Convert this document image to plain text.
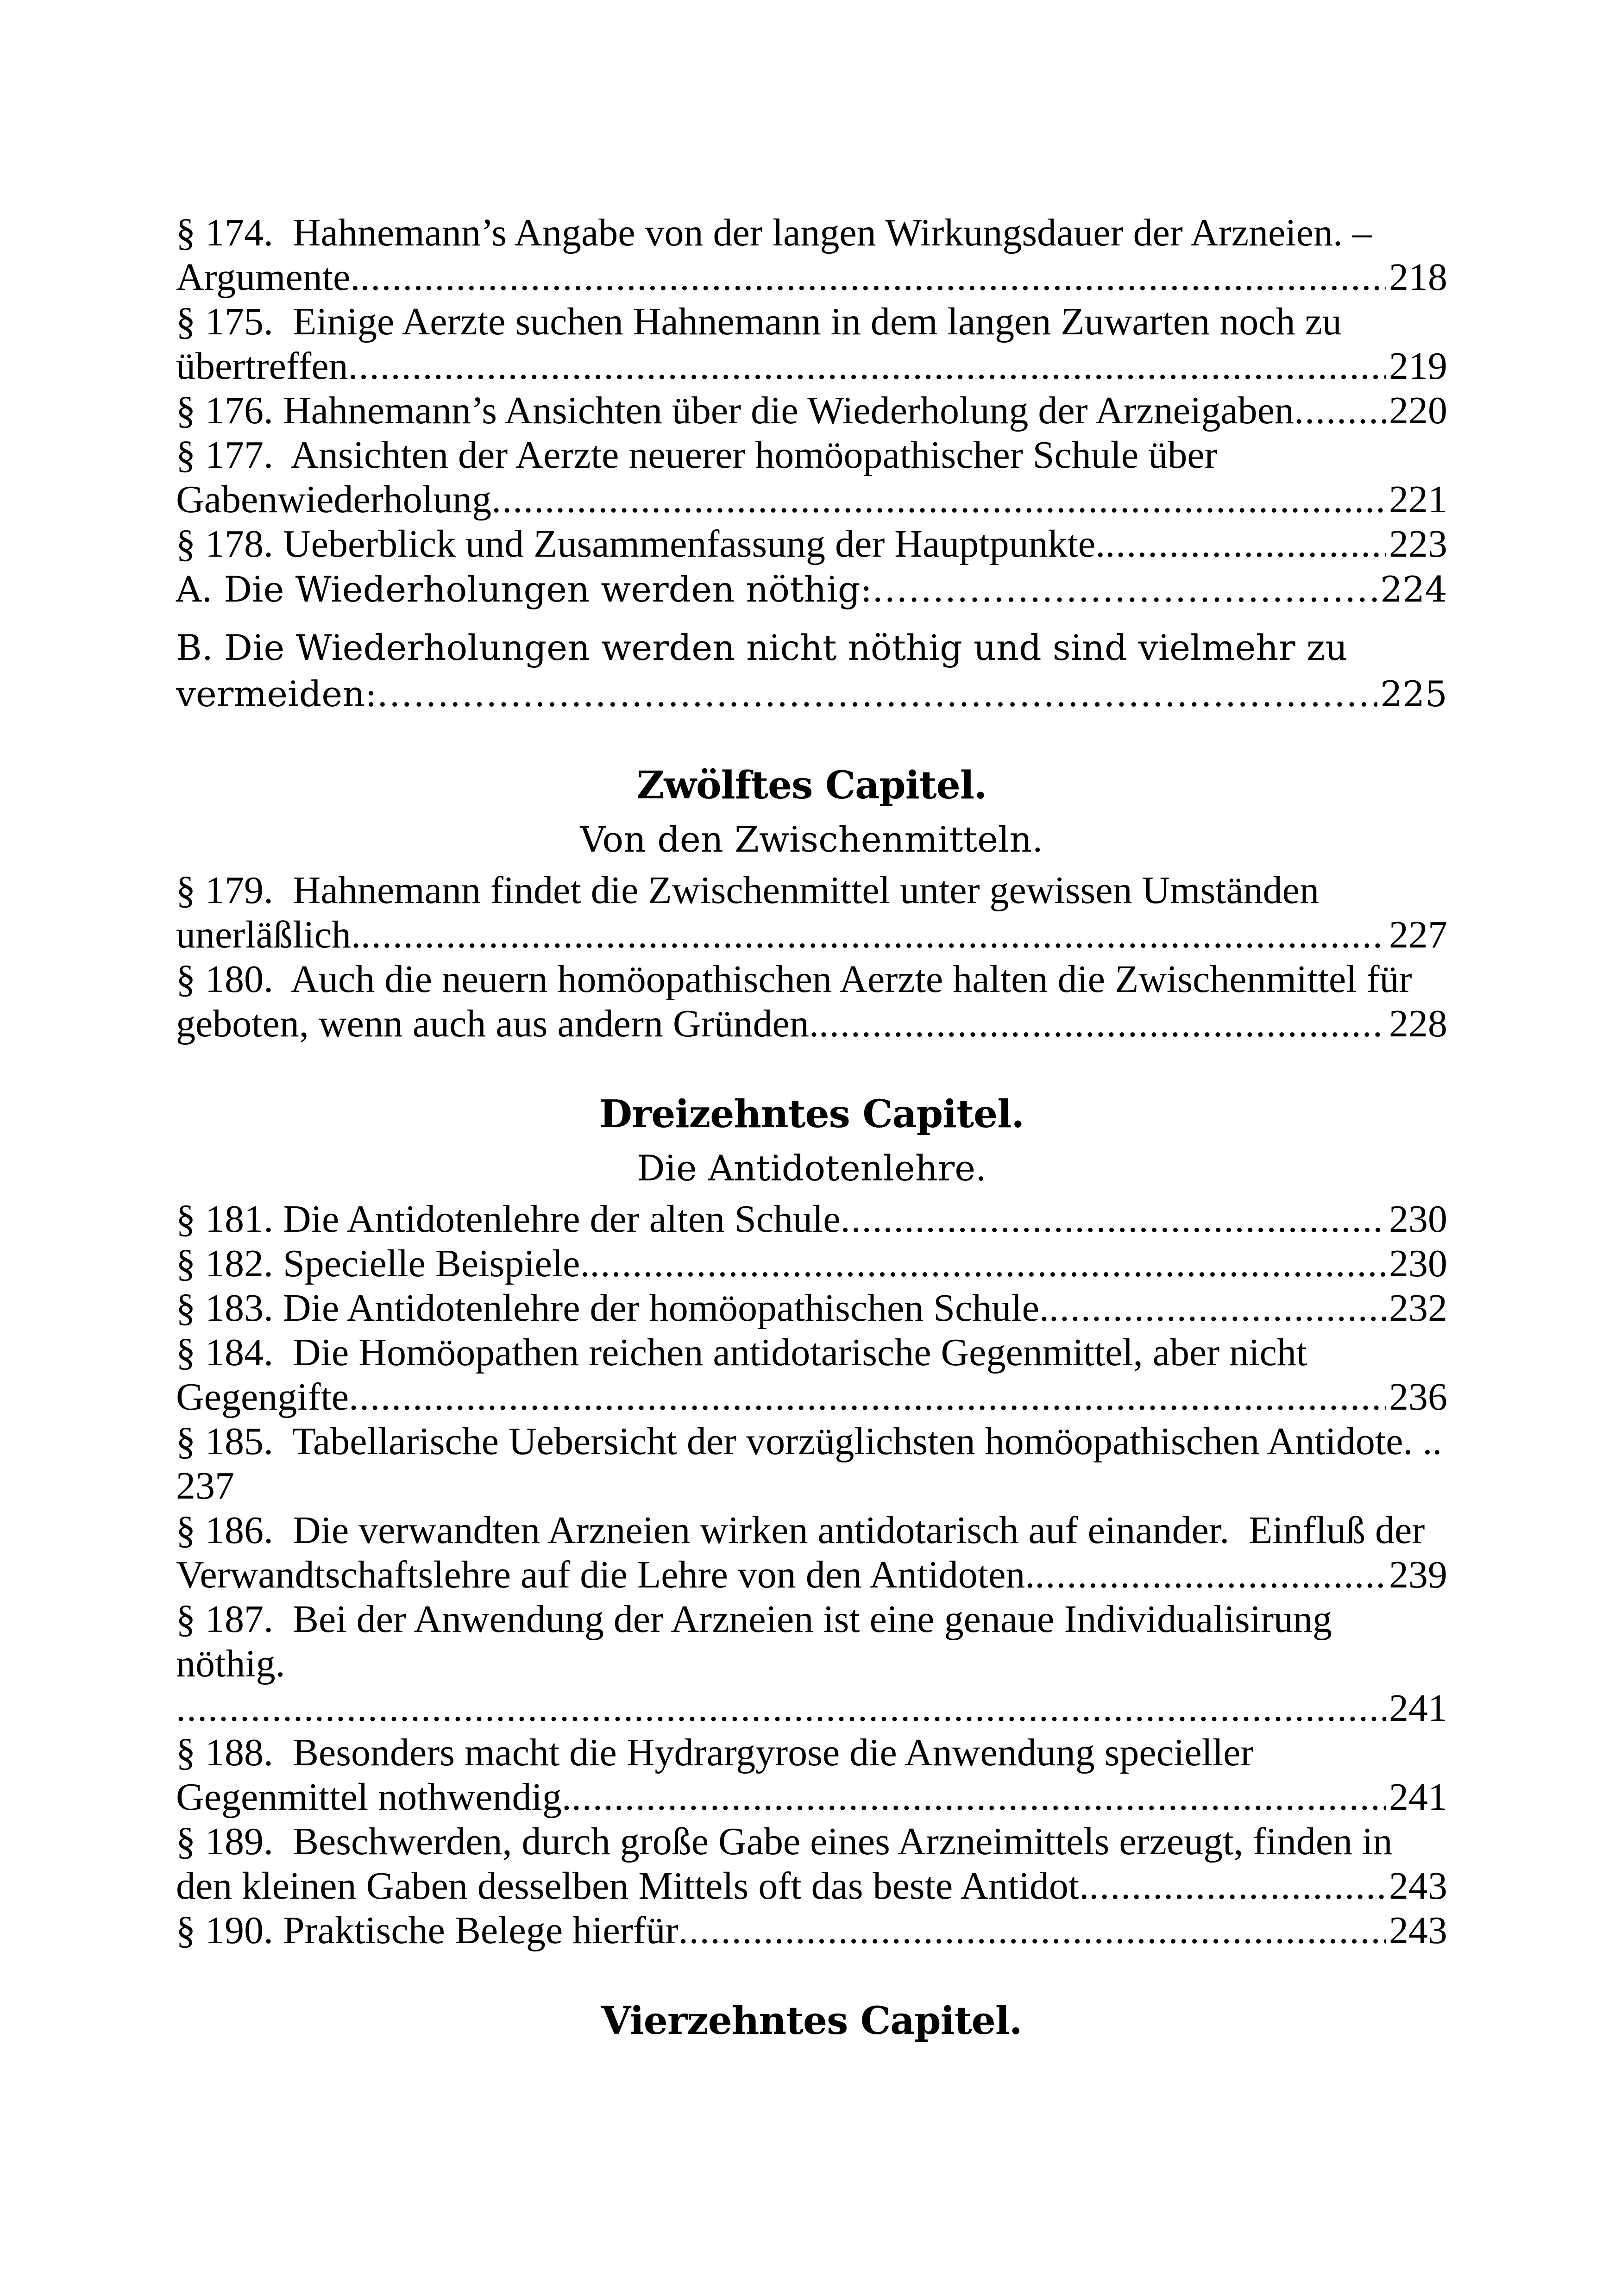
§ 174.  Hahnemann’s Angabe von der langen Wirkungsdauer der Arzneien. –
Argumente. .....	218
§ 175.  Einige Aerzte suchen Hahnemann in dem langen Zuwarten noch zu
übertreffen .....	219
§ 176. Hahnemann’s Ansichten über die Wiederholung der Arzneigaben ..... 220
§ 177.  Ansichten der Aerzte neuerer homöopathischer Schule über
Gabenwiederholung .....	221
§ 178. Ueberblick und Zusammenfassung der Hauptpunkte. .....	223
A. Die Wiederholungen werden nöthig: .....	224
B. Die Wiederholungen werden nicht nöthig und sind vielmehr zu
vermeiden: .....	225
Zwölftes Capitel.
Von den Zwischenmitteln.
§ 179.  Hahnemann findet die Zwischenmittel unter gewissen Umständen
unerläßlich. .....	227
§ 180.  Auch die neuern homöopathischen Aerzte halten die Zwischenmittel für
geboten, wenn auch aus andern Gründen. .....	228
Dreizehntes Capitel.
Die Antidotenlehre.
§ 181. Die Antidotenlehre der alten Schule .....	230
§ 182. Specielle Beispiele. .....	230
§ 183. Die Antidotenlehre der homöopathischen Schule. .....	232
§ 184.  Die Homöopathen reichen antidotarische Gegenmittel, aber nicht
Gegengifte .....	236
§ 185.  Tabellarische Uebersicht der vorzüglichsten homöopathischen Antidote. ..
237
§ 186.  Die verwandten Arzneien wirken antidotarisch auf einander.  Einfluß der
Verwandtschaftslehre auf die Lehre von den Antidoten. .....	239
§ 187.  Bei der Anwendung der Arzneien ist eine genaue Individualisirung nöthig.
.....
241
§ 188.  Besonders macht die Hydrargyrose die Anwendung specieller
Gegenmittel nothwendig. .....	241
§ 189.  Beschwerden, durch große Gabe eines Arzneimittels erzeugt, finden in
den kleinen Gaben desselben Mittels oft das beste Antidot. .....	243
§ 190. Praktische Belege hierfür .....	243
Vierzehntes Capitel.
